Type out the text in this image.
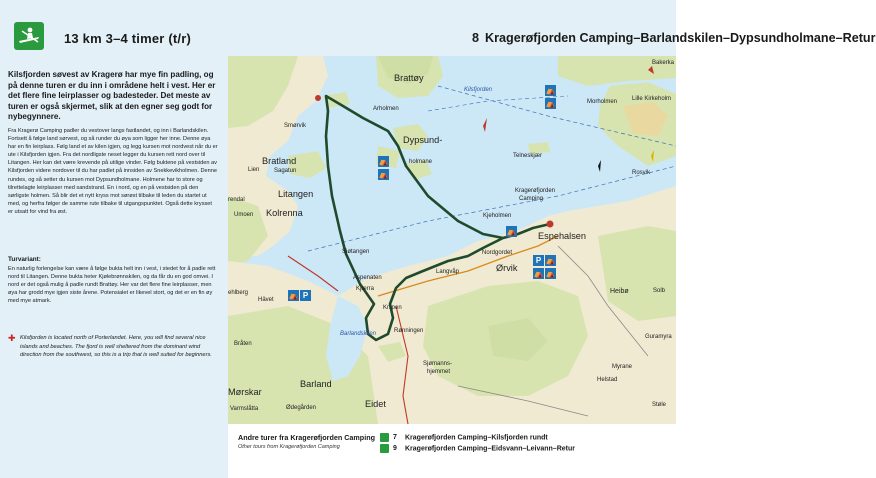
13 km 3–4 timer (t/r)	8 Kragerøfjorden Camping–Barlandskilen–Dypsundholmane–Retur
Kilsfjorden søvest av Kragerø har mye fin padling, og på denne turen er du inn i områdene helt i vest. Her er det flere fine leirplasser og badesteder. Det meste av turen er også skjermet, slik at den egner seg godt for nybegynnere.
Fra Kragerø Camping padler du vestover langs fastlandet, og inn i Barlandskilen. Fortsett å følge land sørvest, og så runder du øya som ligger her inne. Denne øya har en fin leirplass. Følg land et av kilen igjen, og legg kursen mot nordvest når du er ute i Kilsfjorden igjen. Fra det nordligste neset legger du kursen rett nord over til Litangen. Her kan det være krevende på utilige vinder. Følg buktene på vestsiden av Kilsfjorden videre nordover til du har padlet på innsiden av Snekkevikholmen. Denne rundes, og så setter du kursen mot Dypsundholmane. Holmene har to store og tilrettelagte leirplasser med sandstrand. En i nord, og en på vestsiden på den sørligste holmen. Så blir det et nytt kryss mot sørøst tilbake til leden du startet ut med, og herfra følger de samme rute tilbake til utgangspunktet. Også dette krysset er utsatt for vind fra øst.
Turvariant:
En naturlig forlengelse kan være å følge bukta helt inn i vest, i stedet for å padle rett nord til Litangen. Denne bukta heter Kjølebrønnskilen, og da får du en god omvei. I nord er det også mulig å padle rundt Brattøy. Her var det flere fine leirplasser, men øya har grodd mye igjen siste årene. Potensialet er likevel stort, og det er en fin øy med mye atmark.
✚ Kilsfjorden is located north of Porterlandet. Here, you will find several nice islands and beaches. The fjord is well sheltered from the dominant wind direction from the southwest, so this is a trip that is well suited for beginners.
⛺
⛺
⛺
⛺
⛺
P ⛺
⛺ ⛺
P
⛺
Brattøy
Arholmen
Kilsfjorden
Smørvik
Dypsund-
holmane
Telneskjær
Bratland
Sagatun
Lien
Litangen
Kolrenna
Kragerøfjorden
Camping
Kjeholmen
Espehalsen
Nordgordet
Ørvik
Langvåp
Sjøtangen
Aspenaten
Kjærra
Knipen
Rønningen
Barlandskilen
Sjømanns-
hjemmet
Barland
Eidet
Ødegården
Varmslåtta
Mørskar
Bråten
Hävet
ehlberg
rendal
Umoen
Morholmen Lille Kirkeholm
Bakerka
Rosvik
Heibø	Solb
Guramyra
Myrane
Helstad
Støle
Andre turer fra Kragerøfjorden Camping
Other tours from Kragerøfjorden Camping
7 Kragerøfjorden Camping–Kilsfjorden rundt
9 Kragerøfjorden Camping–Eidsvann–Leivann–Retur
